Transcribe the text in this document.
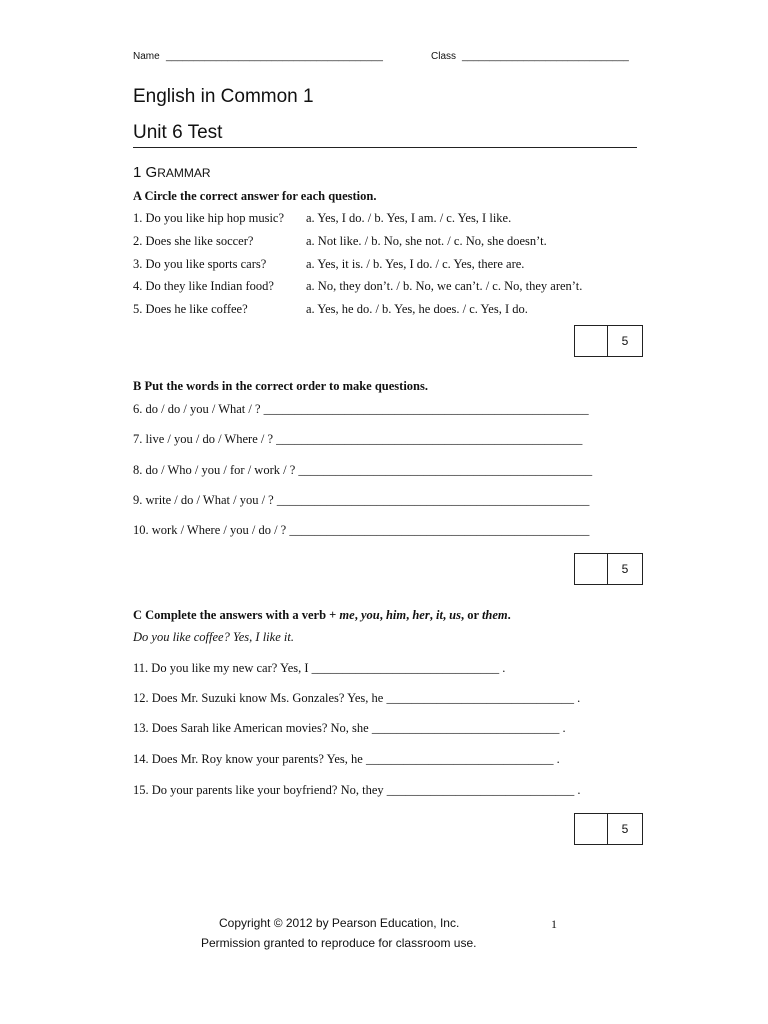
Name _______________________________________	Class ______________________________
English in Common 1
Unit 6 Test
1 GRAMMAR
A Circle the correct answer for each question.
1. Do you like hip hop music? a. Yes, I do. / b. Yes, I am. / c. Yes, I like.
2. Does she like soccer?	a. Not like. / b. No, she not. / c. No, she doesn’t.
3. Do you like sports cars?	a. Yes, it is. / b. Yes, I do. / c. Yes, there are.
4. Do they like Indian food?	a. No, they don’t. / b. No, we can’t. / c. No, they aren’t.
5. Does he like coffee?	a. Yes, he do. / b. Yes, he does. / c. Yes, I do.
5
B Put the words in the correct order to make questions.
6. do / do / you / What / ? ____________________________________________________
7. live / you / do / Where / ? _________________________________________________
8. do / Who / you / for / work / ? _______________________________________________
9. write / do / What / you / ? __________________________________________________
10. work / Where / you / do / ? ________________________________________________
5
C Complete the answers with a verb + me, you, him, her, it, us, or them.
Do you like coffee? Yes, I like it.
11. Do you like my new car? Yes, I ______________________________ .
12. Does Mr. Suzuki know Ms. Gonzales? Yes, he ______________________________ .
13. Does Sarah like American movies? No, she ______________________________ .
14. Does Mr. Roy know your parents? Yes, he ______________________________ .
15. Do your parents like your boyfriend? No, they ______________________________ .
5
Copyright © 2012 by Pearson Education, Inc.
Permission granted to reproduce for classroom use.
1
